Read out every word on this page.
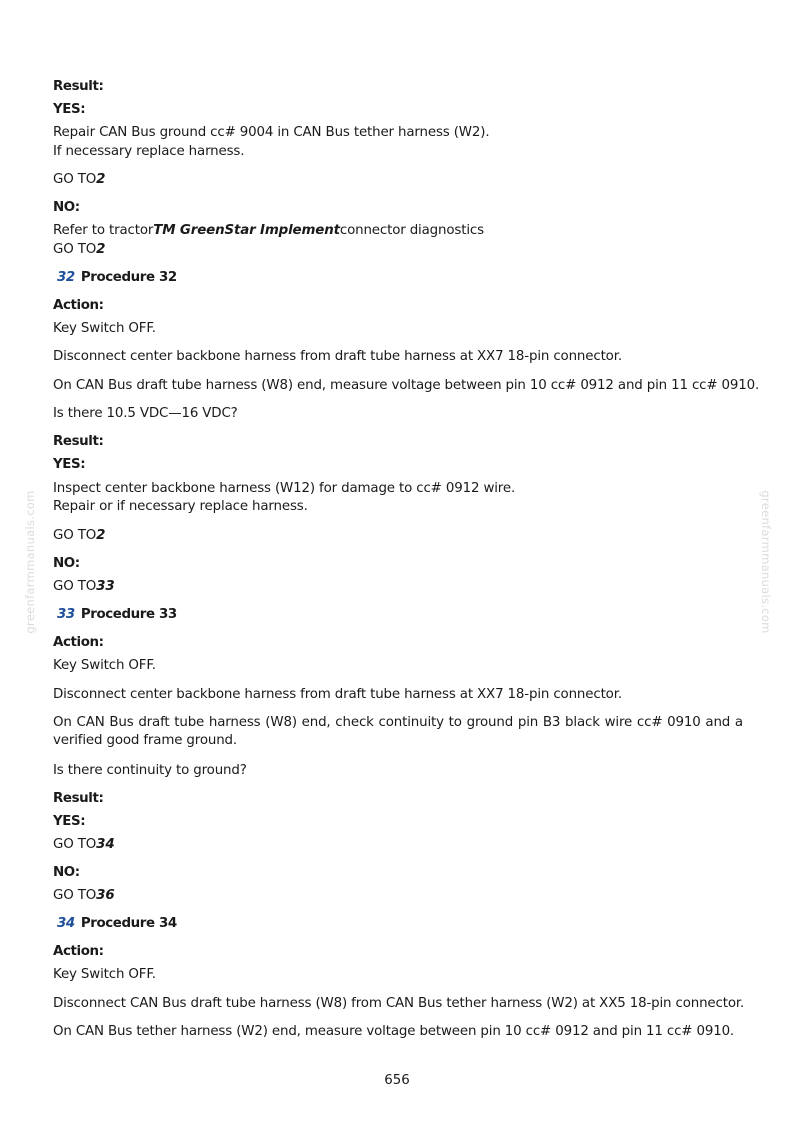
greenfarmmanuals.com	greenfarmmanuals.com
Result:
YES:
Repair CAN Bus ground cc# 9004 in CAN Bus tether harness (W2).
If necessary replace harness.
GO TO2
NO:
Refer to tractorTM GreenStar Implementconnector diagnostics
GO TO2
32 Procedure 32
Action:
Key Switch OFF.
Disconnect center backbone harness from draft tube harness at XX7 18-pin connector.
On CAN Bus draft tube harness (W8) end, measure voltage between pin 10 cc# 0912 and pin 11 cc# 0910.
Is there 10.5 VDC—16 VDC?
Result:
YES:
Inspect center backbone harness (W12) for damage to cc# 0912 wire.
Repair or if necessary replace harness.
GO TO2
NO:
GO TO33
33 Procedure 33
Action:
Key Switch OFF.
Disconnect center backbone harness from draft tube harness at XX7 18-pin connector.
On CAN Bus draft tube harness (W8) end, check continuity to ground pin B3 black wire cc# 0910 and a verified good frame ground.
Is there continuity to ground?
Result:
YES:
GO TO34
NO:
GO TO36
34 Procedure 34
Action:
Key Switch OFF.
Disconnect CAN Bus draft tube harness (W8) from CAN Bus tether harness (W2) at XX5 18-pin connector.
On CAN Bus tether harness (W2) end, measure voltage between pin 10 cc# 0912 and pin 11 cc# 0910.
656
